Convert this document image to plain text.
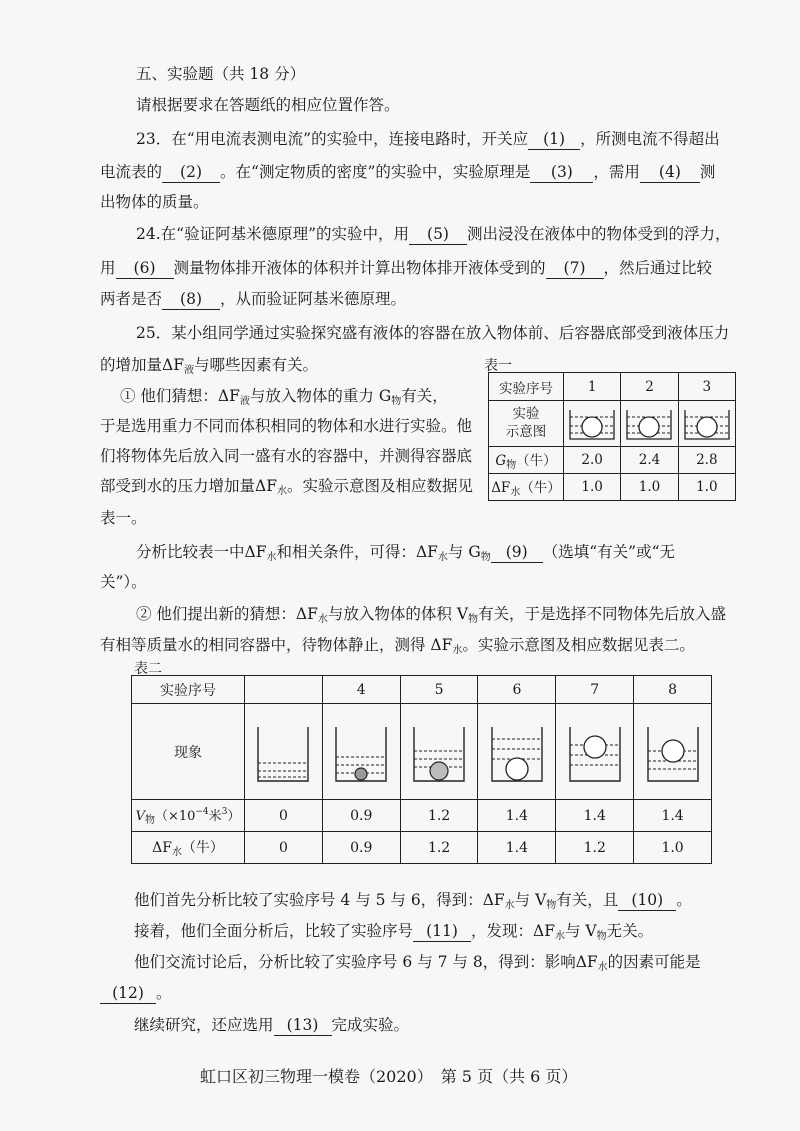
五、实验题（共 18 分）
请根据要求在答题纸的相应位置作答。
23．在“用电流表测电流”的实验中，连接电路时，开关应 (1) ，所测电流不得超出
电流表的 (2) 。在“测定物质的密度”的实验中，实验原理是 (3) ，需用 (4) 测
出物体的质量。
24.在“验证阿基米德原理”的实验中，用 (5) 测出浸没在液体中的物体受到的浮力，
用 (6) 测量物体排开液体的体积并计算出物体排开液体受到的 (7) ，然后通过比较
两者是否 (8) ，从而验证阿基米德原理。
25．某小组同学通过实验探究盛有液体的容器在放入物体前、后容器底部受到液体压力
的增加量$\Delta F_液$与哪些因素有关。
① 他们猜想：$\Delta F_液$与放入物体的重力 $G_物$有关，
于是选用重力不同而体积相同的物体和水进行实验。他
们将物体先后放入同一盛有水的容器中，并测得容器底
部受到水的压力增加量$\Delta F_水$。实验示意图及相应数据见
表一。
表一
实验序号	1	2	3

实验
示意图

$G_物$（牛）	2.0	2.4	2.8
$\Delta F_水$（牛）	1.0	1.0	1.0
分析比较表一中$\Delta F_水$和相关条件，可得：$\Delta F_水$与 $G_物$ (9) （选填“有关”或“无
关”）。
② 他们提出新的猜想：$\Delta F_水$与放入物体的体积 $V_物$有关，于是选择不同物体先后放入盛
有相等质量水的相同容器中，待物体静止，测得 $\Delta F_水$。实验示意图及相应数据见表二。
表二
实验序号		4	5	6	7	8
现象	

$V_物(\times 10^{-4}$米$^3$）	0	0.9	1.2	1.4	1.4	1.4
$\Delta F_水$（牛）	0	0.9	1.2	1.4	1.2	1.0
他们首先分析比较了实验序号 4 与 5 与 6，得到：$\Delta F_水$与 $V_物$有关，且 (10) 。
接着，他们全面分析后，比较了实验序号 (11) ，发现：$\Delta F_水$与 $V_物$无关。
他们交流讨论后，分析比较了实验序号 6 与 7 与 8，得到：影响$\Delta F_水$的因素可能是
(12) 。
继续研究，还应选用 (13) 完成实验。
虹口区初三物理一模卷（2020）　第 5 页（共 6 页）
